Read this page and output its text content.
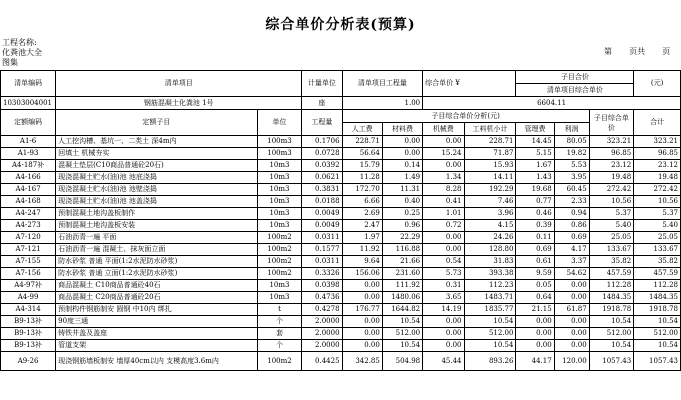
综合单价分析表(预算)
工程名称:
化粪池大全
图集
第  页共  页
清单编码	清单项目		计量单位	清单项目工程量		综合单价 ¥		子目合价			(元)
								清单项目综合单价			
10303004001	钢筋混凝土化粪池 1号		座	1.00		6604.11					
定额编码	定额子目	单位	工程量	子目综合单价分析(元)						子目综合单价	合计
				人工费	材料费	机械费	工料机小计	管理费	利润		
A1-6	人工挖沟槽、基坑一、二类土 深4m内	100m3	0.1706	228.71	0.00	0.00	228.71	14.45	80.05	323.21	323.21
A1-93	回填土 机械夯实	100m3	0.0728	56.64	0.00	15.24	71.87	5.15	19.82	96.85	96.85
A4-187补	混凝土垫层(C10商品普通砼20石)	10m3	0.0392	15.79	0.14	0.00	15.93	1.67	5.53	23.12	23.12
A4-166	现浇混凝土贮水(油)池 池底浇捣	10m3	0.0621	11.28	1.49	1.34	14.11	1.43	3.95	19.48	19.48
A4-167	现浇混凝土贮水(油)池 池壁浇捣	10m3	0.3831	172.70	11.31	8.28	192.29	19.68	60.45	272.42	272.42
A4-168	现浇混凝土贮水(油)池 池盖浇捣	10m3	0.0188	6.66	0.40	0.41	7.46	0.77	2.33	10.56	10.56
A4-247	预制混凝土地沟盖板制作	10m3	0.0049	2.69	0.25	1.01	3.96	0.46	0.94	5.37	5.37
A4-273	预制混凝土地沟盖板安装	10m3	0.0049	2.47	0.96	0.72	4.15	0.39	0.86	5.40	5.40
A7-120	石油沥青一遍 平面	100m2	0.0311	1.97	22.29	0.00	24.26	0.11	0.69	25.05	25.05
A7-121	石油沥青一遍 混凝土、抹灰面立面	100m2	0.1577	11.92	116.88	0.00	128.80	0.69	4.17	133.67	133.67
A7-155	防水砂浆 普通 平面(1:2水泥防水砂浆)	100m2	0.0311	9.64	21.66	0.54	31.83	0.61	3.37	35.82	35.82
A7-156	防水砂浆 普通 立面(1:2水泥防水砂浆)	100m2	0.3326	156.06	231.60	5.73	393.38	9.59	54.62	457.59	457.59
A4-97补	商品混凝土 C10商品普通砼40石	10m3	0.0398	0.00	111.92	0.31	112.23	0.05	0.00	112.28	112.28
A4-99	商品混凝土 C20商品普通砼20石	10m3	0.4736	0.00	1480.06	3.65	1483.71	0.64	0.00	1484.35	1484.35
A4-314	预制构件钢筋制安 圆钢 中10内 绑扎	t	0.4278	176.77	1644.82	14.19	1835.77	21.15	61.87	1918.78	1918.78
B9-13补	90度三通	个	2.0000	0.00	10.54	0.00	10.54	0.00	0.00	10.54	10.54
B9-13补	铸铁井盖及盖座	套	2.0000	0.00	512.00	0.00	512.00	0.00	0.00	512.00	512.00
B9-13补	管道支架	个	2.0000	0.00	10.54	0.00	10.54	0.00	0.00	10.54	10.54
A9-26	现浇钢筋墙板制安 墙厚40cm以内 支模高度3.6m内	100m2	0.4425	342.85	504.98	45.44	893.26	44.17	120.00	1057.43	1057.43
